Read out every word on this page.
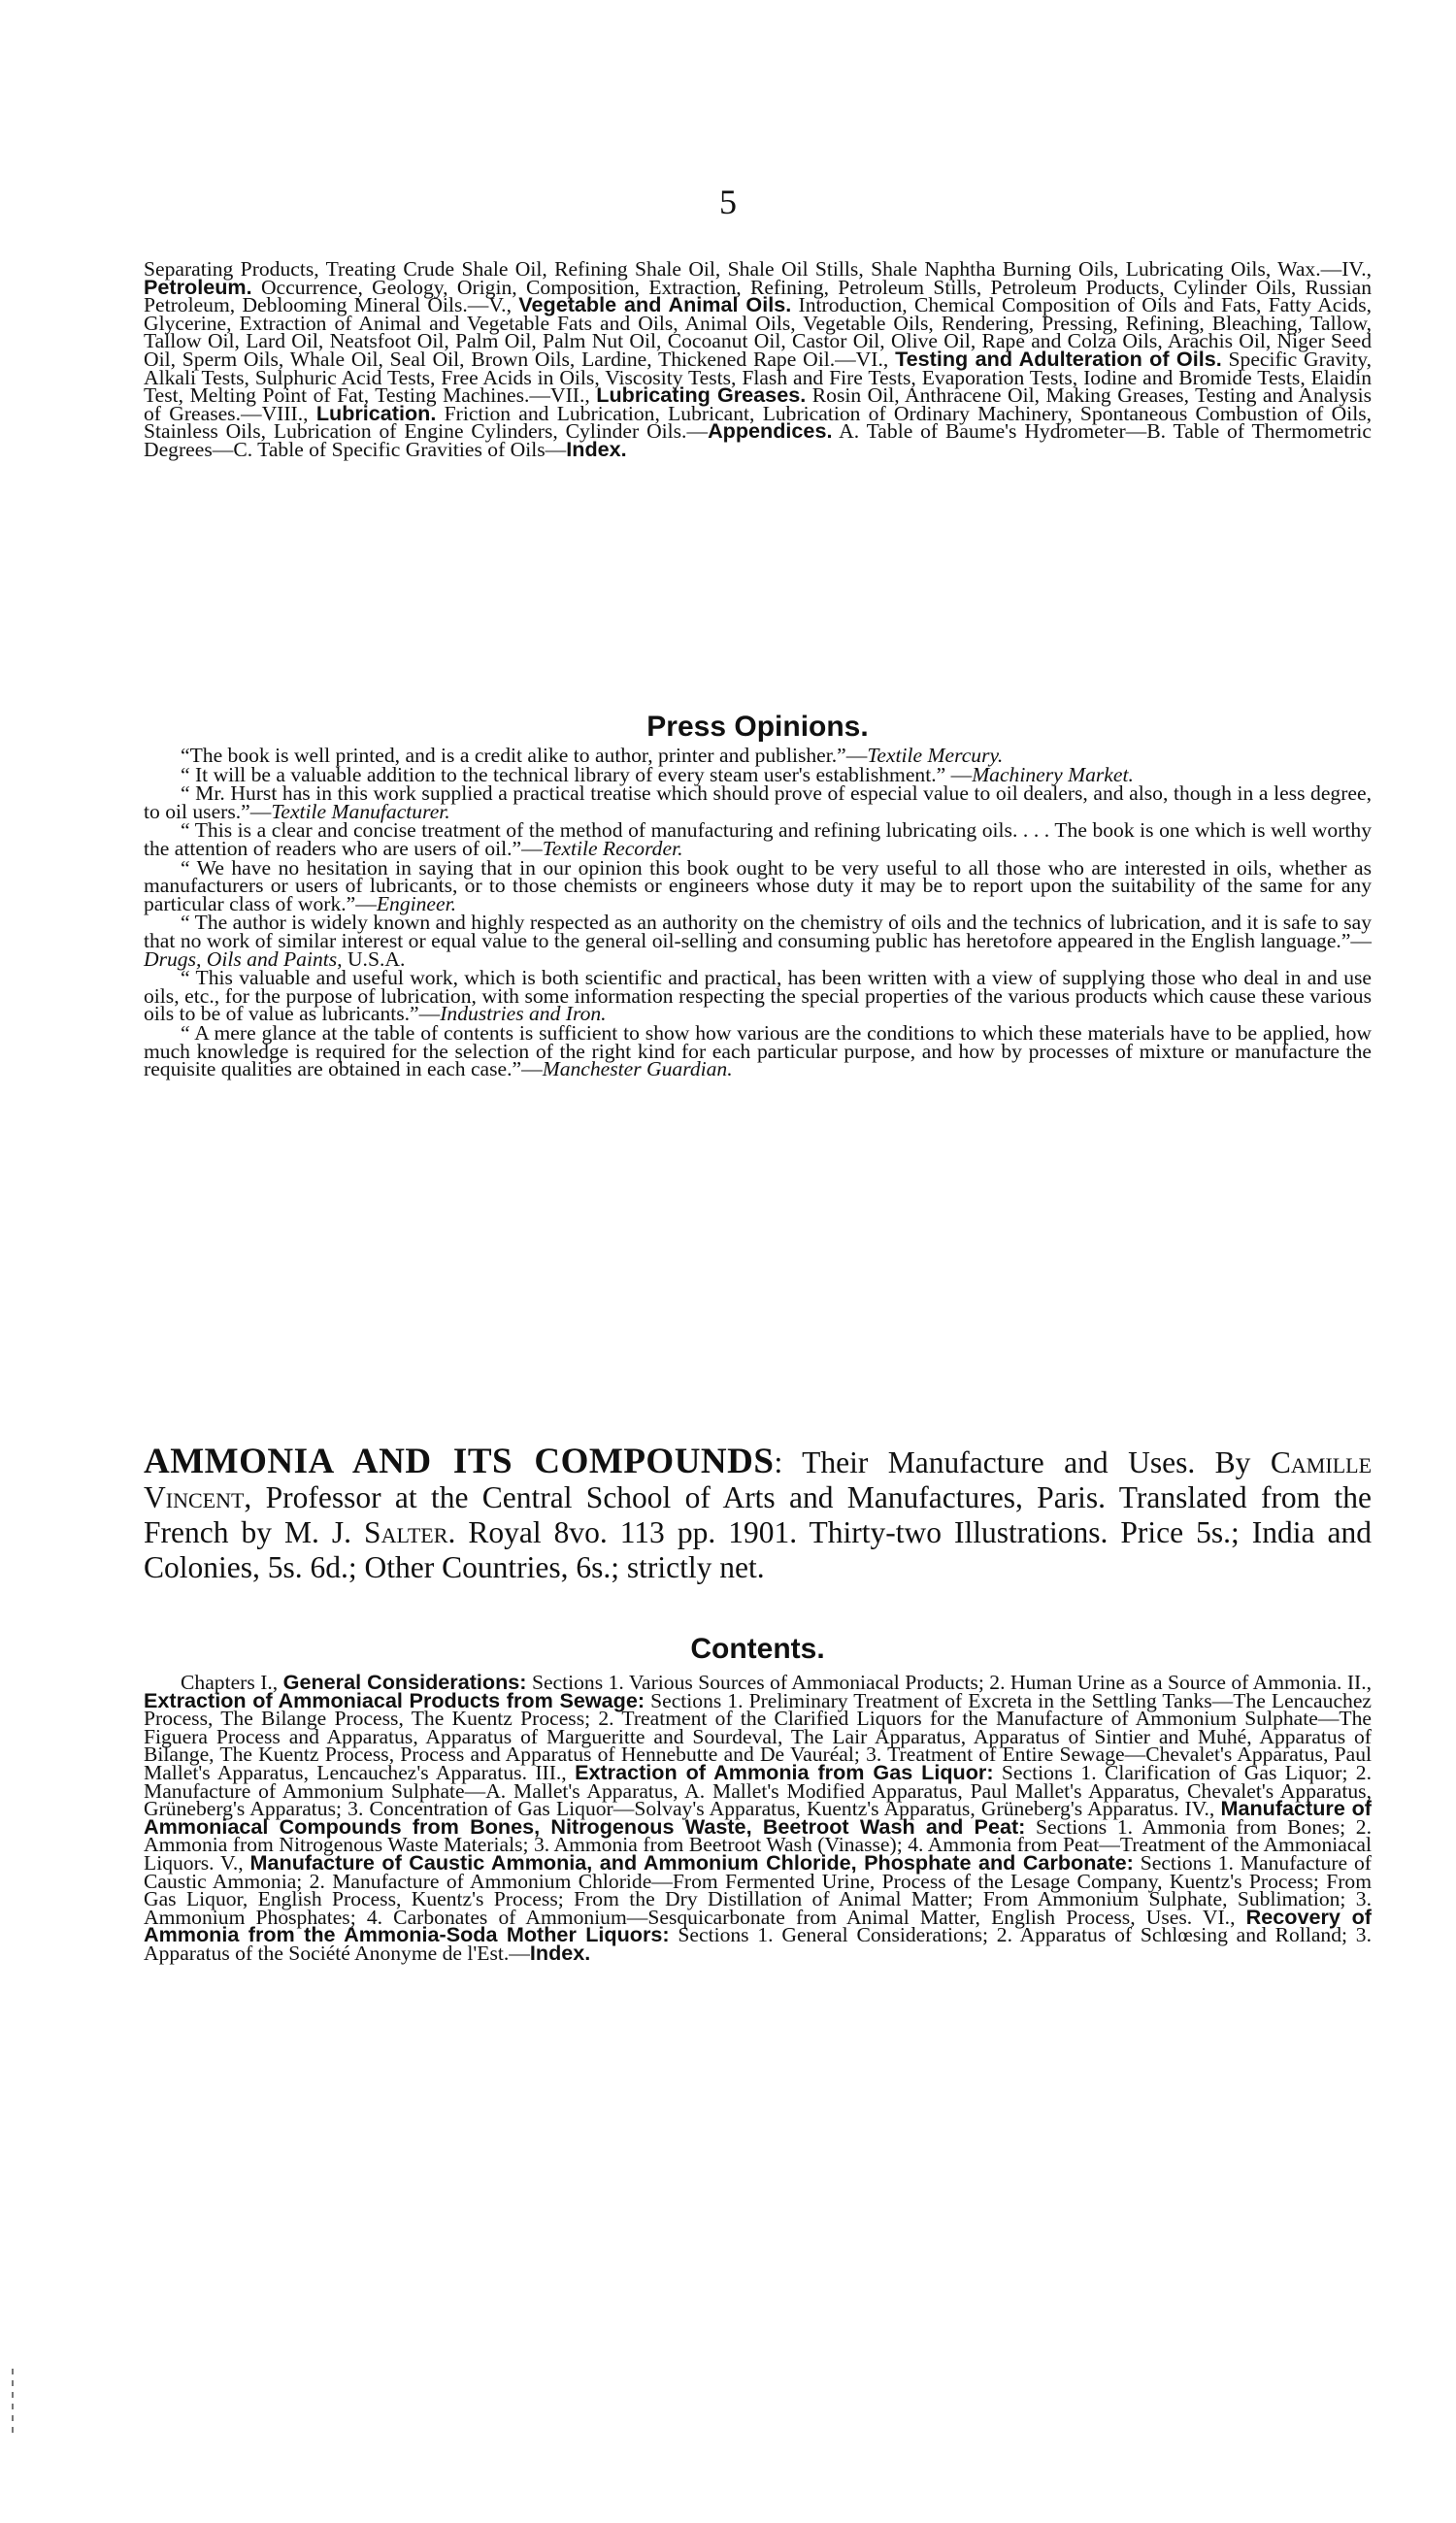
5

Separating Products, Treating Crude Shale Oil, Refining Shale Oil, Shale Oil Stills, Shale Naphtha Burning Oils, Lubricating Oils, Wax.—IV., Petroleum. Occurrence, Geology, Origin, Composition, Extraction, Refining, Petroleum Stills, Petroleum Products, Cylinder Oils, Russian Petroleum, Deblooming Mineral Oils.—V., Vegetable and Animal Oils. Introduction, Chemical Composition of Oils and Fats, Fatty Acids, Glycerine, Extraction of Animal and Vegetable Fats and Oils, Animal Oils, Vegetable Oils, Rendering, Pressing, Refining, Bleaching, Tallow, Tallow Oil, Lard Oil, Neatsfoot Oil, Palm Oil, Palm Nut Oil, Cocoanut Oil, Castor Oil, Olive Oil, Rape and Colza Oils, Arachis Oil, Niger Seed Oil, Sperm Oils, Whale Oil, Seal Oil, Brown Oils, Lardine, Thickened Rape Oil.—VI., Testing and Adulteration of Oils. Specific Gravity, Alkali Tests, Sulphuric Acid Tests, Free Acids in Oils, Viscosity Tests, Flash and Fire Tests, Evaporation Tests, Iodine and Bromide Tests, Elaidin Test, Melting Point of Fat, Testing Machines.—VII., Lubricating Greases. Rosin Oil, Anthracene Oil, Making Greases, Testing and Analysis of Greases.—VIII., Lubrication. Friction and Lubrication, Lubricant, Lubrication of Ordinary Machinery, Spontaneous Combustion of Oils, Stainless Oils, Lubrication of Engine Cylinders, Cylinder Oils.—Appendices. A. Table of Baume's Hydrometer—B. Table of Thermometric Degrees—C. Table of Specific Gravities of Oils—Index.

Press Opinions.

“The book is well printed, and is a credit alike to author, printer and publisher.”—Textile Mercury.

“ It will be a valuable addition to the technical library of every steam user's establishment.” —Machinery Market.

“ Mr. Hurst has in this work supplied a practical treatise which should prove of especial value to oil dealers, and also, though in a less degree, to oil users.”—Textile Manufacturer.

“ This is a clear and concise treatment of the method of manufacturing and refining lubricating oils. . . . The book is one which is well worthy the attention of readers who are users of oil.”—Textile Recorder.

“ We have no hesitation in saying that in our opinion this book ought to be very useful to all those who are interested in oils, whether as manufacturers or users of lubricants, or to those chemists or engineers whose duty it may be to report upon the suitability of the same for any particular class of work.”—Engineer.

“ The author is widely known and highly respected as an authority on the chemistry of oils and the technics of lubrication, and it is safe to say that no work of similar interest or equal value to the general oil-selling and consuming public has heretofore appeared in the English language.”—Drugs, Oils and Paints, U.S.A.

“ This valuable and useful work, which is both scientific and practical, has been written with a view of supplying those who deal in and use oils, etc., for the purpose of lubrication, with some information respecting the special properties of the various products which cause these various oils to be of value as lubricants.”—Industries and Iron.

“ A mere glance at the table of contents is sufficient to show how various are the conditions to which these materials have to be applied, how much knowledge is required for the selection of the right kind for each particular purpose, and how by processes of mixture or manufacture the requisite qualities are obtained in each case.”—Manchester Guardian.

AMMONIA AND ITS COMPOUNDS: Their Manufacture and Uses. By Camille Vincent, Professor at the Central School of Arts and Manufactures, Paris. Translated from the French by M. J. Salter. Royal 8vo. 113 pp. 1901. Thirty-two Illustrations. Price 5s.; India and Colonies, 5s. 6d.; Other Countries, 6s.; strictly net.

Contents.

Chapters I., General Considerations: Sections 1. Various Sources of Ammoniacal Products; 2. Human Urine as a Source of Ammonia. II., Extraction of Ammoniacal Products from Sewage: Sections 1. Preliminary Treatment of Excreta in the Settling Tanks—The Lencauchez Process, The Bilange Process, The Kuentz Process; 2. Treatment of the Clarified Liquors for the Manufacture of Ammonium Sulphate—The Figuera Process and Apparatus, Apparatus of Margueritte and Sourdeval, The Lair Apparatus, Apparatus of Sintier and Muhé, Apparatus of Bilange, The Kuentz Process, Process and Apparatus of Hennebutte and De Vauréal; 3. Treatment of Entire Sewage—Chevalet's Apparatus, Paul Mallet's Apparatus, Lencauchez's Apparatus. III., Extraction of Ammonia from Gas Liquor: Sections 1. Clarification of Gas Liquor; 2. Manufacture of Ammonium Sulphate—A. Mallet's Apparatus, A. Mallet's Modified Apparatus, Paul Mallet's Apparatus, Chevalet's Apparatus, Grüneberg's Apparatus; 3. Concentration of Gas Liquor—Solvay's Apparatus, Kuentz's Apparatus, Grüneberg's Apparatus. IV., Manufacture of Ammoniacal Compounds from Bones, Nitrogenous Waste, Beetroot Wash and Peat: Sections 1. Ammonia from Bones; 2. Ammonia from Nitrogenous Waste Materials; 3. Ammonia from Beetroot Wash (Vinasse); 4. Ammonia from Peat—Treatment of the Ammoniacal Liquors. V., Manufacture of Caustic Ammonia, and Ammonium Chloride, Phosphate and Carbonate: Sections 1. Manufacture of Caustic Ammonia; 2. Manufacture of Ammonium Chloride—From Fermented Urine, Process of the Lesage Company, Kuentz's Process; From Gas Liquor, English Process, Kuentz's Process; From the Dry Distillation of Animal Matter; From Ammonium Sulphate, Sublimation; 3. Ammonium Phosphates; 4. Carbonates of Ammonium—Sesquicarbonate from Animal Matter, English Process, Uses. VI., Recovery of Ammonia from the Ammonia-Soda Mother Liquors: Sections 1. General Considerations; 2. Apparatus of Schlœsing and Rolland; 3. Apparatus of the Société Anonyme de l'Est.—Index.
